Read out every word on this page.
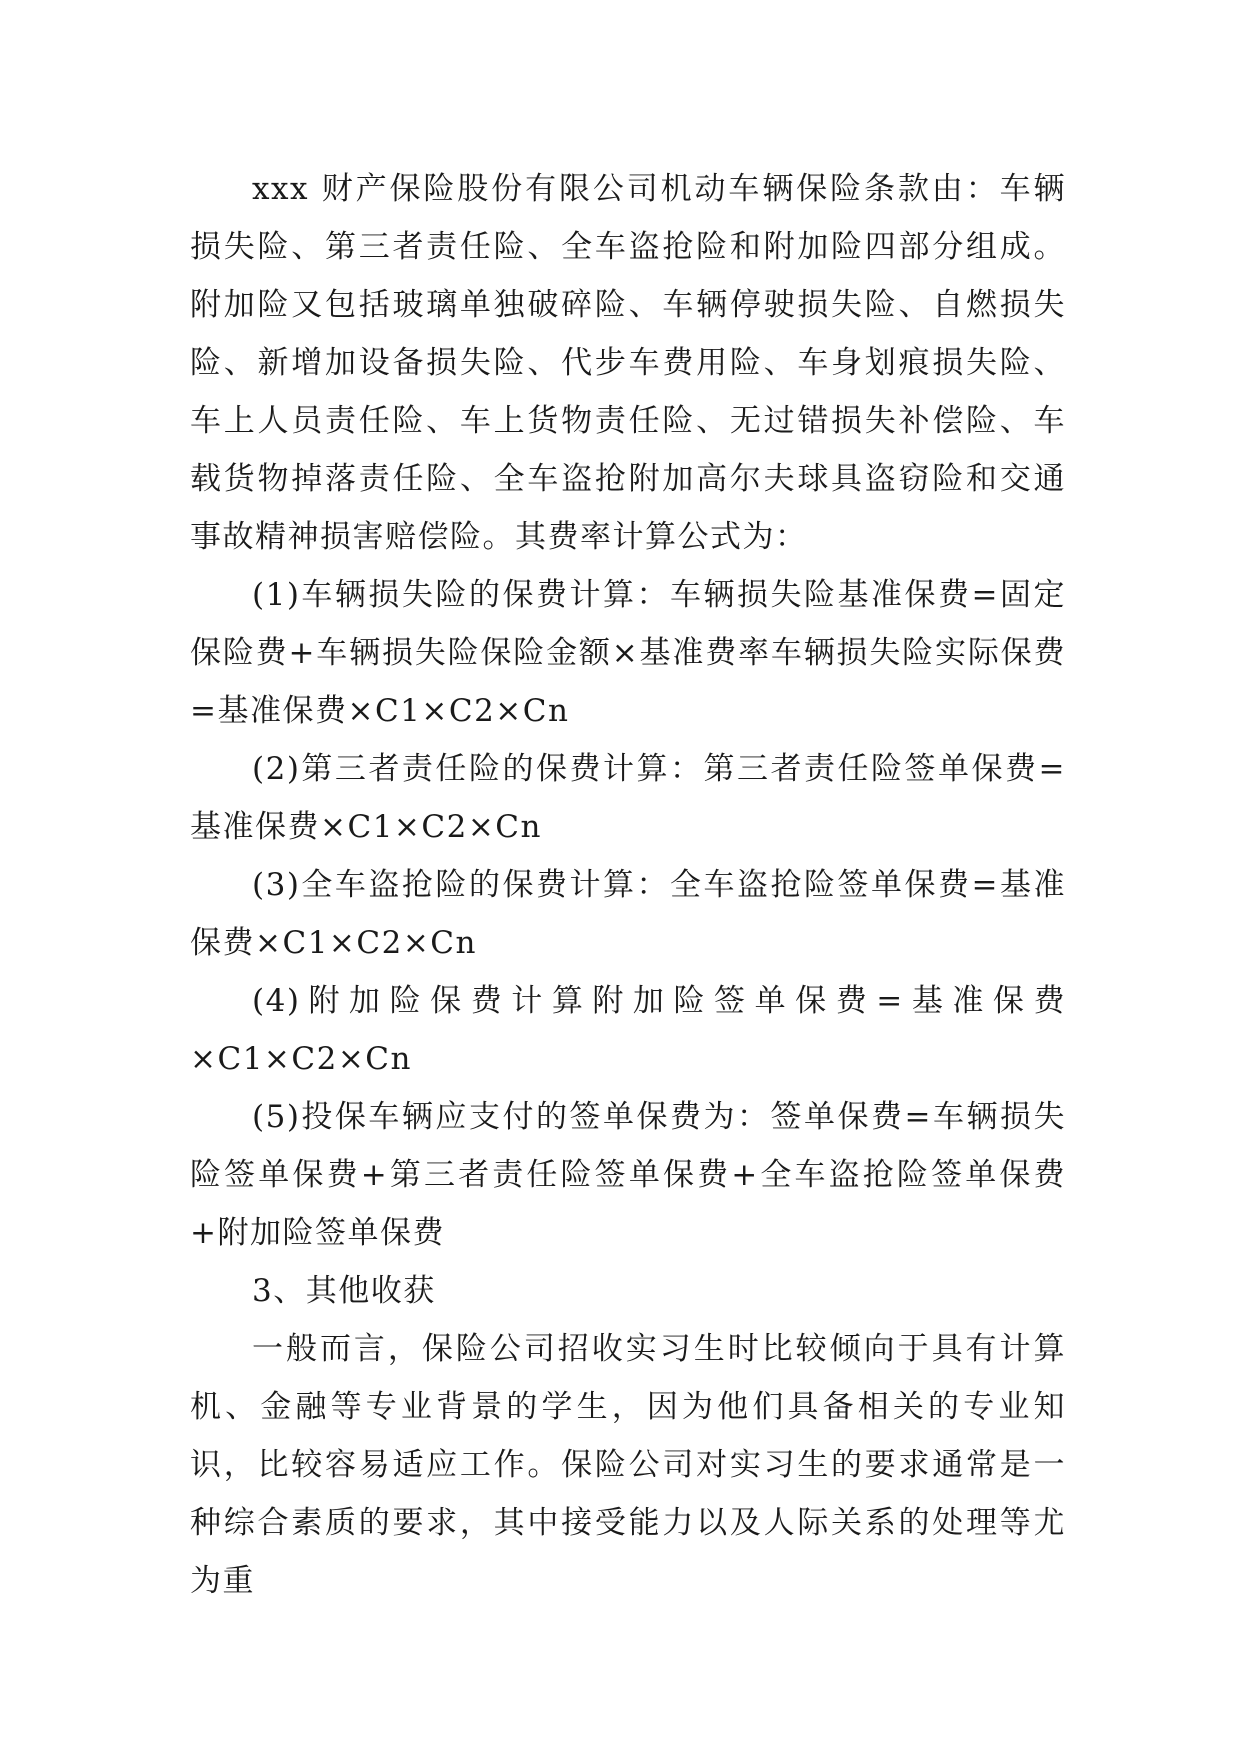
xxx 财产保险股份有限公司机动车辆保险条款由：车辆损失险、第三者责任险、全车盗抢险和附加险四部分组成。附加险又包括玻璃单独破碎险、车辆停驶损失险、自燃损失险、新增加设备损失险、代步车费用险、车身划痕损失险、车上人员责任险、车上货物责任险、无过错损失补偿险、车载货物掉落责任险、全车盗抢附加高尔夫球具盗窃险和交通事故精神损害赔偿险。其费率计算公式为：

(1)车辆损失险的保费计算：车辆损失险基准保费=固定保险费+车辆损失险保险金额×基准费率车辆损失险实际保费=基准保费×C1×C2×Cn

(2)第三者责任险的保费计算：第三者责任险签单保费=基准保费×C1×C2×Cn

(3)全车盗抢险的保费计算：全车盗抢险签单保费=基准保费×C1×C2×Cn

(4)附加险保费计算附加险签单保费=基准保费×C1×C2×Cn

(5)投保车辆应支付的签单保费为：签单保费=车辆损失险签单保费+第三者责任险签单保费+全车盗抢险签单保费+附加险签单保费

3、其他收获

一般而言，保险公司招收实习生时比较倾向于具有计算机、金融等专业背景的学生，因为他们具备相关的专业知识，比较容易适应工作。保险公司对实习生的要求通常是一种综合素质的要求，其中接受能力以及人际关系的处理等尤为重
